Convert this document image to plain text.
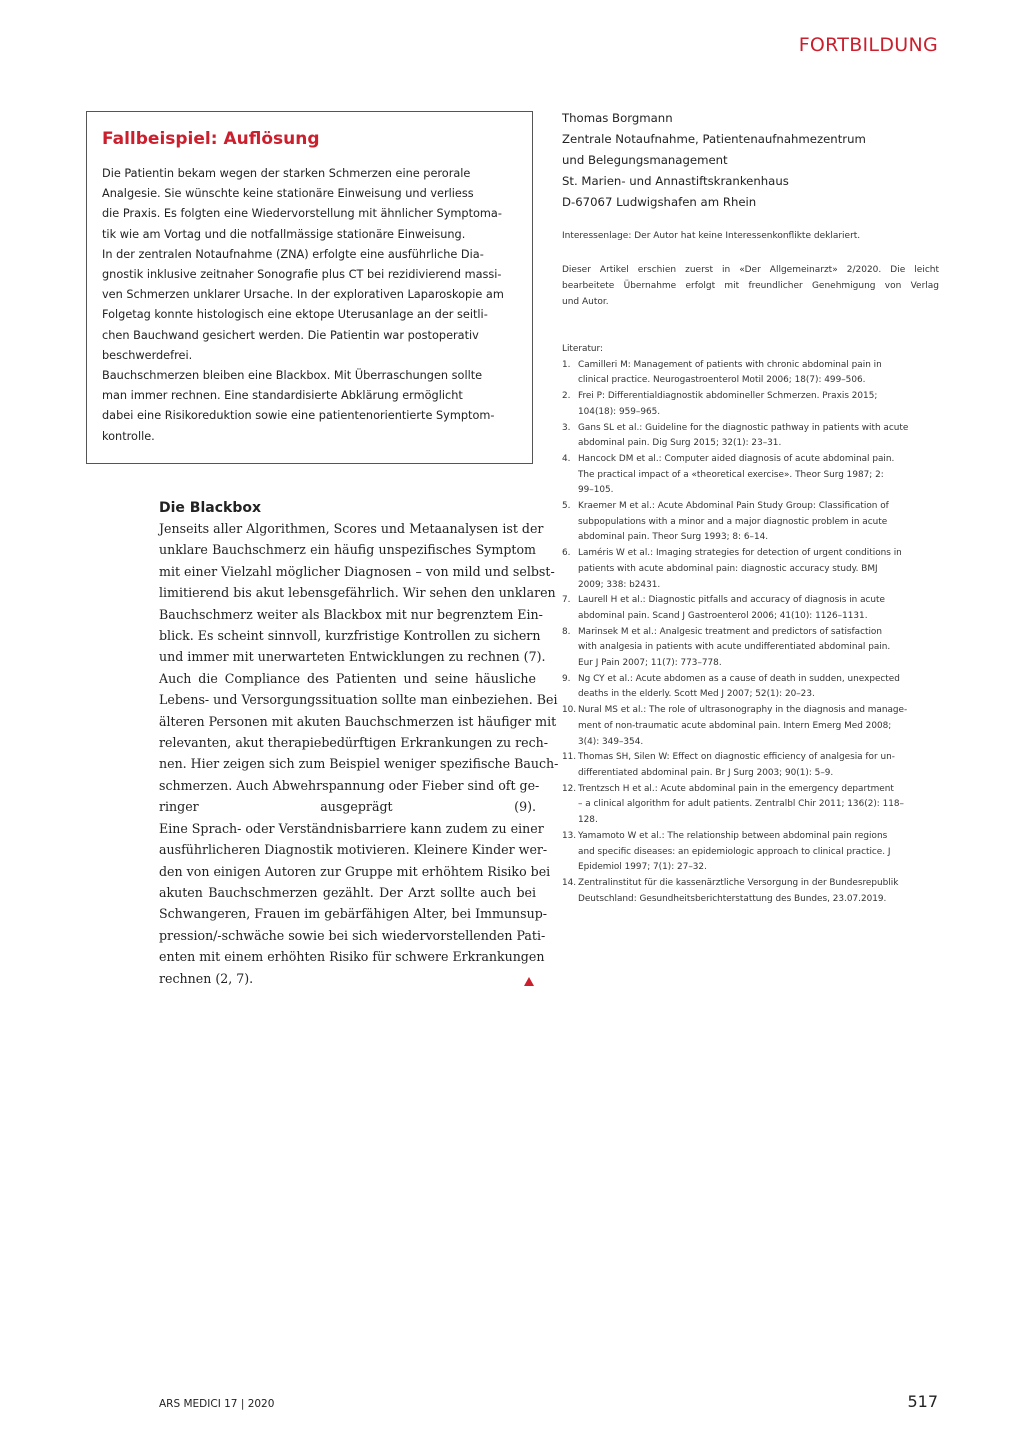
FORTBILDUNG
Fallbeispiel: Auflösung
Die Patientin bekam wegen der starken Schmerzen eine perorale
Analgesie. Sie wünschte keine stationäre Einweisung und verliess
die Praxis. Es folgten eine Wiedervorstellung mit ähnlicher Symptoma-
tik wie am Vortag und die notfallmässige stationäre Einweisung.
In der zentralen Notaufnahme (ZNA) erfolgte eine ausführliche Dia-
gnostik inklusive zeitnaher Sonografie plus CT bei rezidivierend massi-
ven Schmerzen unklarer Ursache. In der explorativen Laparoskopie am
Folgetag konnte histologisch eine ektope Uterusanlage an der seitli-
chen Bauchwand gesichert werden. Die Patientin war postoperativ
beschwerdefrei.
Bauchschmerzen bleiben eine Blackbox. Mit Überraschungen sollte
man immer rechnen. Eine standardisierte Abklärung ermöglicht
dabei eine Risikoreduktion sowie eine patientenorientierte Symptom-
kontrolle.
Die Blackbox
Jenseits aller Algorithmen, Scores und Metaanalysen ist der
unklare Bauchschmerz ein häufig unspezifisches Symptom
mit einer Vielzahl möglicher Diagnosen – von mild und selbst-
limitierend bis akut lebensgefährlich. Wir sehen den unklaren
Bauchschmerz weiter als Blackbox mit nur begrenztem Ein-
blick. Es scheint sinnvoll, kurzfristige Kontrollen zu sichern
und immer mit unerwarteten Entwicklungen zu rechnen (7).
Auch die Compliance des Patienten und seine häusliche
Lebens- und Versorgungssituation sollte man einbeziehen. Bei
älteren Personen mit akuten Bauchschmerzen ist häufiger mit
relevanten, akut therapiebedürftigen Erkrankungen zu rech-
nen. Hier zeigen sich zum Beispiel weniger spezifische Bauch-
schmerzen. Auch Abwehrspannung oder Fieber sind oft ge-
ringer ausgeprägt (9).
Eine Sprach- oder Verständnisbarriere kann zudem zu einer
ausführlicheren Diagnostik motivieren. Kleinere Kinder wer-
den von einigen Autoren zur Gruppe mit erhöhtem Risiko bei
akuten Bauchschmerzen gezählt. Der Arzt sollte auch bei
Schwangeren, Frauen im gebärfähigen Alter, bei Immunsup-
pression/-schwäche sowie bei sich wiedervorstellenden Pati-
enten mit einem erhöhten Risiko für schwere Erkrankungen
rechnen (2, 7).
Thomas Borgmann
Zentrale Notaufnahme, Patientenaufnahmezentrum
und Belegungsmanagement
St. Marien- und Annastiftskrankenhaus
D-67067 Ludwigshafen am Rhein
Interessenlage: Der Autor hat keine Interessenkonflikte deklariert.
Dieser Artikel erschien zuerst in «Der Allgemeinarzt» 2/2020. Die leicht
bearbeitete Übernahme erfolgt mit freundlicher Genehmigung von Verlag
und Autor.

Literatur:

1. Camilleri M: Management of patients with chronic abdominal pain in
clinical practice. Neurogastroenterol Motil 2006; 18(7): 499–506.
2. Frei P: Differentialdiagnostik abdomineller Schmerzen. Praxis 2015;
104(18): 959–965.
3. Gans SL et al.: Guideline for the diagnostic pathway in patients with acute
abdominal pain. Dig Surg 2015; 32(1): 23–31.
4. Hancock DM et al.: Computer aided diagnosis of acute abdominal pain.
The practical impact of a «theoretical exercise». Theor Surg 1987; 2:
99–105.
5. Kraemer M et al.: Acute Abdominal Pain Study Group: Classification of
subpopulations with a minor and a major diagnostic problem in acute
abdominal pain. Theor Surg 1993; 8: 6–14.
6. Laméris W et al.: Imaging strategies for detection of urgent conditions in
patients with acute abdominal pain: diagnostic accuracy study. BMJ
2009; 338: b2431.
7. Laurell H et al.: Diagnostic pitfalls and accuracy of diagnosis in acute
abdominal pain. Scand J Gastroenterol 2006; 41(10): 1126–1131.
8. Marinsek M et al.: Analgesic treatment and predictors of satisfaction
with analgesia in patients with acute undifferentiated abdominal pain.
Eur J Pain 2007; 11(7): 773–778.
9. Ng CY et al.: Acute abdomen as a cause of death in sudden, unexpected
deaths in the elderly. Scott Med J 2007; 52(1): 20–23.
10. Nural MS et al.: The role of ultrasonography in the diagnosis and manage-
ment of non-traumatic acute abdominal pain. Intern Emerg Med 2008;
3(4): 349–354.
11. Thomas SH, Silen W: Effect on diagnostic efficiency of analgesia for un-
differentiated abdominal pain. Br J Surg 2003; 90(1): 5–9.
12. Trentzsch H et al.: Acute abdominal pain in the emergency department
– a clinical algorithm for adult patients. Zentralbl Chir 2011; 136(2): 118–
128.
13. Yamamoto W et al.: The relationship between abdominal pain regions
and specific diseases: an epidemiologic approach to clinical practice. J
Epidemiol 1997; 7(1): 27–32.
14. Zentralinstitut für die kassenärztliche Versorgung in der Bundesrepublik
Deutschland: Gesundheitsberichterstattung des Bundes, 23.07.2019.
ARS MEDICI 17 | 2020	517
